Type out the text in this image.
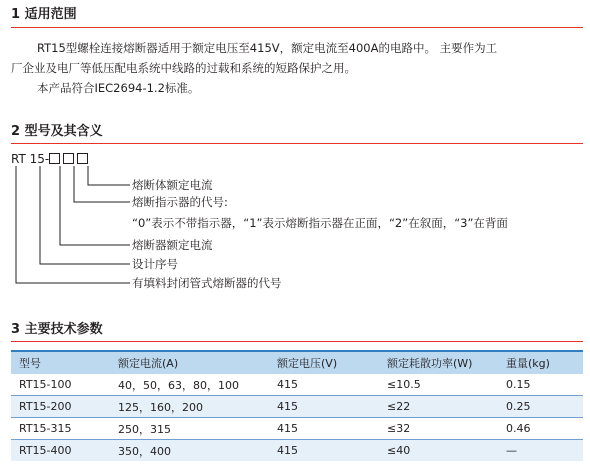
1 适用范围
RT15型螺栓连接熔断器适用于额定电压至415V，额定电流至400A的电路中。 主要作为工
厂企业及电厂等低压配电系统中线路的过载和系统的短路保护之用。
本产品符合IEC2694-1.2标准。
2 型号及其含义
RT 15-
熔断体额定电流
熔断指示器的代号:
“0”表示不带指示器，“1”表示熔断指示器在正面，“2”在叙面，“3”在背面
熔断器额定电流
设计序号
有填料封闭管式熔断器的代号
3 主要技术参数
型号	额定电流(A)	额定电压(V)	额定耗散功率(W)	重量(kg)
RT15-100	40，50，63，80，100	415	≤10.5	0.15
RT15-200	125，160，200	415	≤22	0.25
RT15-315	250，315	415	≤32	0.46
RT15-400	350，400	415	≤40	—
